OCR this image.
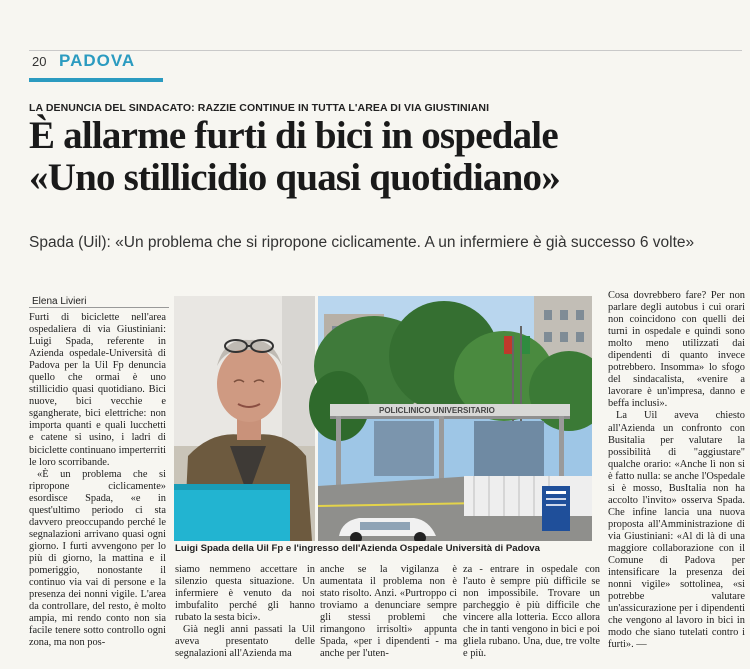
20 PADOVA
LA DENUNCIA DEL SINDACATO: RAZZIE CONTINUE IN TUTTA L'AREA DI VIA GIUSTINIANI
È allarme furti di bici in ospedale
«Uno stillicidio quasi quotidiano»
Spada (Uil): «Un problema che si ripropone ciclicamente. A un infermiere è già successo 6 volte»
Elena Livieri

Furti di biciclette nell'area ospedaliera di via Giustiniani: Luigi Spada, referente in Azienda ospedale-Università di Padova per la Uil Fp denuncia quello che ormai è uno stillicidio quasi quotidiano. Bici nuove, bici vecchie e sgangherate, bici elettriche: non importa quanti e quali lucchetti e catene si usino, i ladri di biciclette continuano imperterriti le loro scorribande.

«È un problema che si ripropone ciclicamente» esordisce Spada, «e in quest'ultimo periodo ci sta davvero preoccupando perché le segnalazioni arrivano quasi ogni giorno. I furti avvengono per lo più di giorno, la mattina e il pomeriggio, nonostante il continuo via vai di persone e la presenza dei nonni vigile. L'area da controllare, del resto, è molto ampia, mi rendo conto non sia facile tenere sotto controllo ogni zona, ma non pos-

POLICLINICO UNIVERSITARIO
Luigi Spada della Uil Fp e l'ingresso dell'Azienda Ospedale Università di Padova

siamo nemmeno accettare in silenzio questa situazione. Un infermiere è venuto da noi imbufalito perché gli hanno rubato la sesta bici».

Già negli anni passati la Uil aveva presentato delle segnalazioni all'Azienda ma

anche se la vigilanza è aumentata il problema non è stato risolto. Anzi. «Purtroppo ci troviamo a denunciare sempre gli stessi problemi che rimangono irrisolti» appunta Spada, «per i dipendenti - ma anche per l'uten-

za - entrare in ospedale con l'auto è sempre più difficile se non impossibile. Trovare un parcheggio è più difficile che vincere alla lotteria. Ecco allora che in tanti vengono in bici e poi gliela rubano. Una, due, tre volte e più.

Cosa dovrebbero fare? Per non parlare degli autobus i cui orari non coincidono con quelli dei turni in ospedale e quindi sono molto meno utilizzati dai dipendenti di quanto invece potrebbero. Insomma» lo sfogo del sindacalista, «venire a lavorare è un'impresa, danno e beffa inclusi».

La Uil aveva chiesto all'Azienda un confronto con Busitalia per valutare la possibilità di "aggiustare" qualche orario: «Anche lì non si è fatto nulla: se anche l'Ospedale si è mosso, BusItalia non ha accolto l'invito» osserva Spada. Che infine lancia una nuova proposta all'Amministrazione di via Giustiniani: «Al di là di una maggiore collaborazione con il Comune di Padova per intensificare la presenza dei nonni vigile» sottolinea, «si potrebbe valutare un'assicurazione per i dipendenti che vengono al lavoro in bici in modo che siano tutelati contro i furti». —
